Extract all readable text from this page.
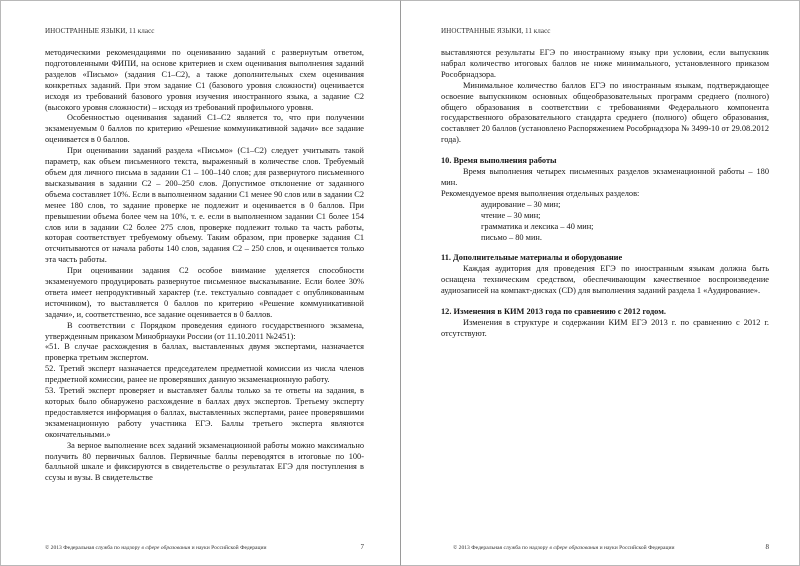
ИНОСТРАННЫЕ ЯЗЫКИ, 11 класс

методическими рекомендациями по оцениванию заданий с развернутым ответом, подготовленными ФИПИ, на основе критериев и схем оценивания выполнения заданий разделов «Письмо» (задания С1–С2), а также дополнительных схем оценивания конкретных заданий. При этом задание С1 (базового уровня сложности) оценивается исходя из требований базового уровня изучения иностранного языка, а задание С2 (высокого уровня сложности) – исходя из требований профильного уровня.

Особенностью оценивания заданий С1–С2 является то, что при получении экзаменуемым 0 баллов по критерию «Решение коммуникативной задачи» все задание оценивается в 0 баллов.

При оценивании заданий раздела «Письмо» (С1–С2) следует учитывать такой параметр, как объем письменного текста, выраженный в количестве слов. Требуемый объем для личного письма в задании С1 – 100–140 слов; для развернутого письменного высказывания в задании С2 – 200–250 слов. Допустимое отклонение от заданного объема составляет 10%. Если в выполненном задании С1 менее 90 слов или в задании С2 менее 180 слов, то задание проверке не подлежит и оценивается в 0 баллов. При превышении объема более чем на 10%, т. е. если в выполненном задании С1 более 154 слов или в задании С2 более 275 слов, проверке подлежит только та часть работы, которая соответствует требуемому объему. Таким образом, при проверке задания С1 отсчитываются от начала работы 140 слов, задания С2 – 250 слов, и оценивается только эта часть работы.

При оценивании задания С2 особое внимание уделяется способности экзаменуемого продуцировать развернутое письменное высказывание. Если более 30% ответа имеет непродуктивный характер (т.е. текстуально совпадает с опубликованным источником), то выставляется 0 баллов по критерию «Решение коммуникативной задачи», и, соответственно, все задание оценивается в 0 баллов.

В соответствии с Порядком проведения единого государственного экзамена, утвержденным приказом Минобрнауки России (от 11.10.2011 №2451):

«51. В случае расхождения в баллах, выставленных двумя экспертами, назначается проверка третьим экспертом.

52. Третий эксперт назначается председателем предметной комиссии из числа членов предметной комиссии, ранее не проверявших данную экзаменационную работу.

53. Третий эксперт проверяет и выставляет баллы только за те ответы на задания, в которых было обнаружено расхождение в баллах двух экспертов. Третьему эксперту предоставляется информация о баллах, выставленных экспертами, ранее проверявшими экзаменационную работу участника ЕГЭ. Баллы третьего эксперта являются окончательными.»

За верное выполнение всех заданий экзаменационной работы можно максимально получить 80 первичных баллов. Первичные баллы переводятся в итоговые по 100-балльной шкале и фиксируются в свидетельстве о результатах ЕГЭ для поступления в ссузы и вузы. В свидетельстве

© 2013 Федеральная служба по надзору в сфере образования и науки Российской Федерации	7
ИНОСТРАННЫЕ ЯЗЫКИ, 11 класс

выставляются результаты ЕГЭ по иностранному языку при условии, если выпускник набрал количество итоговых баллов не ниже минимального, установленного приказом Рособрнадзора.

Минимальное количество баллов ЕГЭ по иностранным языкам, подтверждающее освоение выпускником основных общеобразовательных программ среднего (полного) общего образования в соответствии с требованиями Федерального компонента государственного образовательного стандарта среднего (полного) общего образования, составляет 20 баллов (установлено Распоряжением Рособрнадзора № 3499-10 от 29.08.2012 года).

10. Время выполнения работы

Время выполнения четырех письменных разделов экзаменационной работы – 180 мин.

Рекомендуемое время выполнения отдельных разделов:

аудирование – 30 мин;
чтение – 30 мин;
грамматика и лексика – 40 мин;
письмо – 80 мин.

11. Дополнительные материалы и оборудование

Каждая аудитория для проведения ЕГЭ по иностранным языкам должна быть оснащена техническим средством, обеспечивающим качественное воспроизведение аудиозаписей на компакт-дисках (CD) для выполнения заданий раздела 1 «Аудирование».

12. Изменения в КИМ 2013 года по сравнению с 2012 годом.

Изменения в структуре и содержании КИМ ЕГЭ 2013 г. по сравнению с 2012 г. отсутствуют.

© 2013 Федеральная служба по надзору в сфере образования и науки Российской Федерации	8
